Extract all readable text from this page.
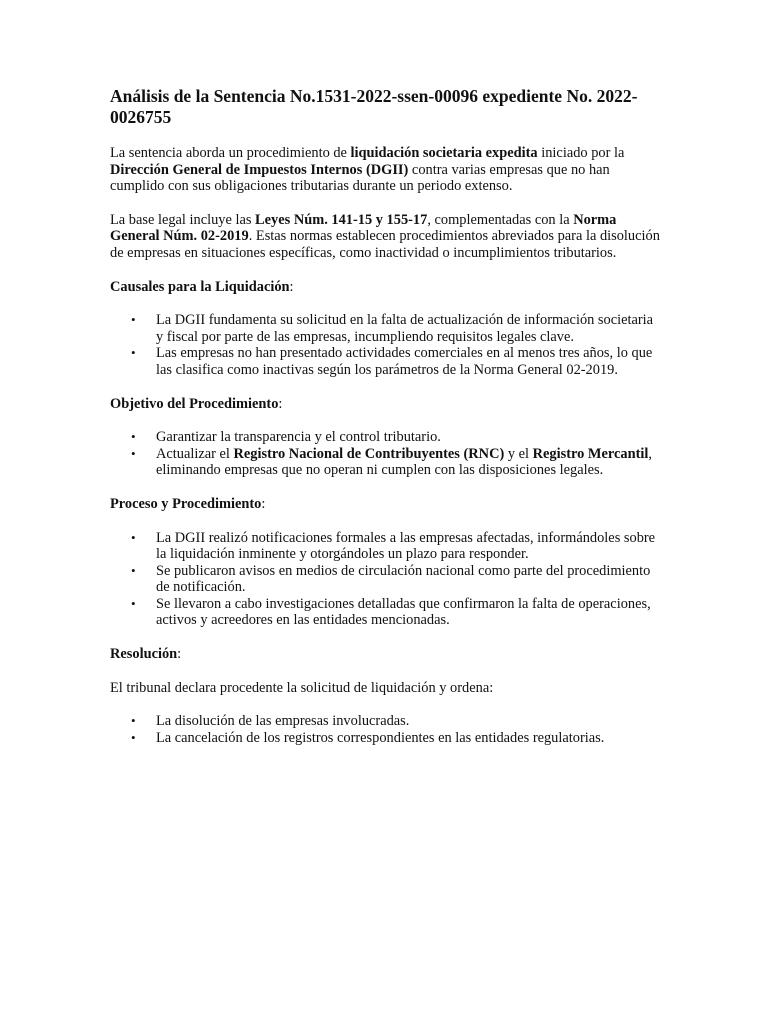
Análisis de la Sentencia No.1531-2022-ssen-00096 expediente No. 2022-0026755

La sentencia aborda un procedimiento de liquidación societaria expedita iniciado por la Dirección General de Impuestos Internos (DGII) contra varias empresas que no han cumplido con sus obligaciones tributarias durante un periodo extenso.

La base legal incluye las Leyes Núm. 141-15 y 155-17, complementadas con la Norma General Núm. 02-2019. Estas normas establecen procedimientos abreviados para la disolución de empresas en situaciones específicas, como inactividad o incumplimientos tributarios.

Causales para la Liquidación:
• La DGII fundamenta su solicitud en la falta de actualización de información societaria y fiscal por parte de las empresas, incumpliendo requisitos legales clave.
• Las empresas no han presentado actividades comerciales en al menos tres años, lo que las clasifica como inactivas según los parámetros de la Norma General 02-2019.
Objetivo del Procedimiento:
• Garantizar la transparencia y el control tributario.
• Actualizar el Registro Nacional de Contribuyentes (RNC) y el Registro Mercantil, eliminando empresas que no operan ni cumplen con las disposiciones legales.
Proceso y Procedimiento:
• La DGII realizó notificaciones formales a las empresas afectadas, informándoles sobre la liquidación inminente y otorgándoles un plazo para responder.
• Se publicaron avisos en medios de circulación nacional como parte del procedimiento de notificación.
• Se llevaron a cabo investigaciones detalladas que confirmaron la falta de operaciones, activos y acreedores en las entidades mencionadas.
Resolución:

El tribunal declara procedente la solicitud de liquidación y ordena:

• La disolución de las empresas involucradas.
• La cancelación de los registros correspondientes en las entidades regulatorias.
